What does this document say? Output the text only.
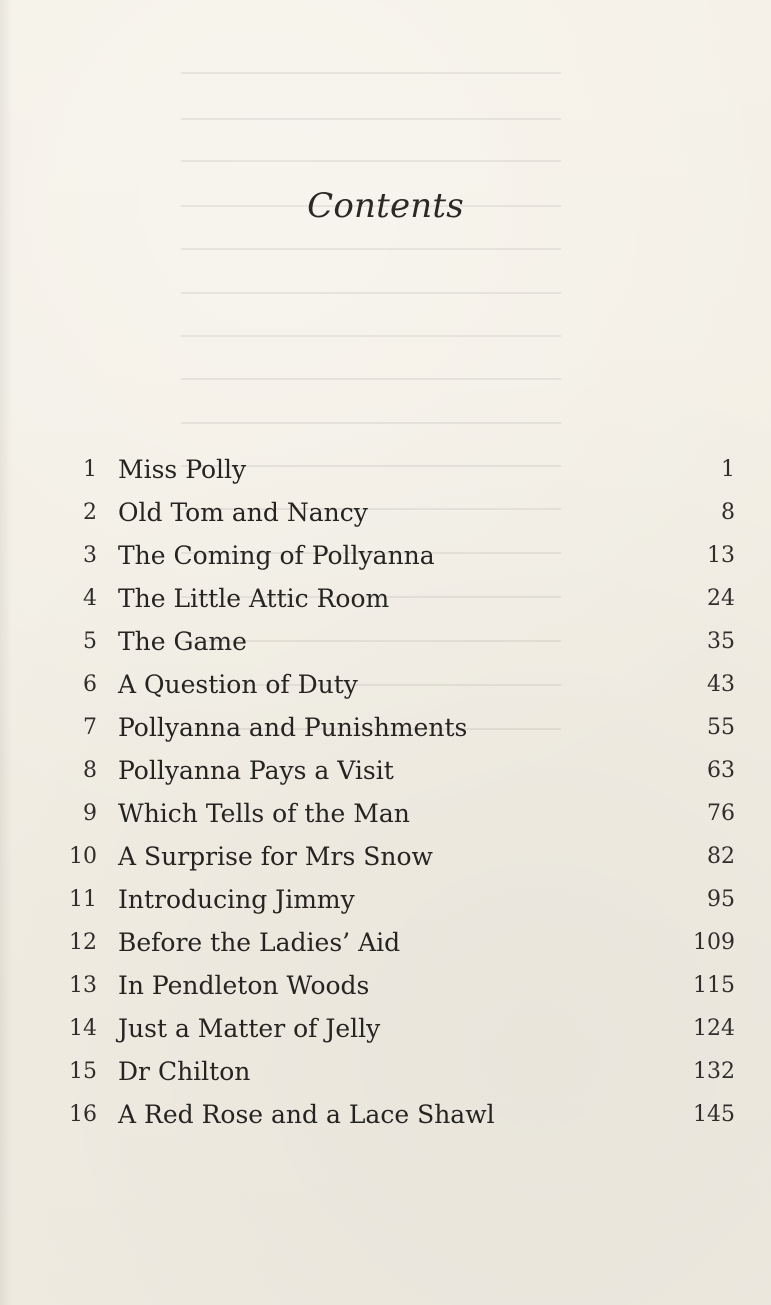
Contents
1 Miss Polly	1
2 Old Tom and Nancy	8
3 The Coming of Pollyanna	13
4 The Little Attic Room	24
5 The Game	35
6 A Question of Duty	43
7 Pollyanna and Punishments	55
8 Pollyanna Pays a Visit	63
9 Which Tells of the Man	76
10 A Surprise for Mrs Snow	82
11 Introducing Jimmy	95
12 Before the Ladies’ Aid	109
13 In Pendleton Woods	115
14 Just a Matter of Jelly	124
15 Dr Chilton	132
16 A Red Rose and a Lace Shawl	145
